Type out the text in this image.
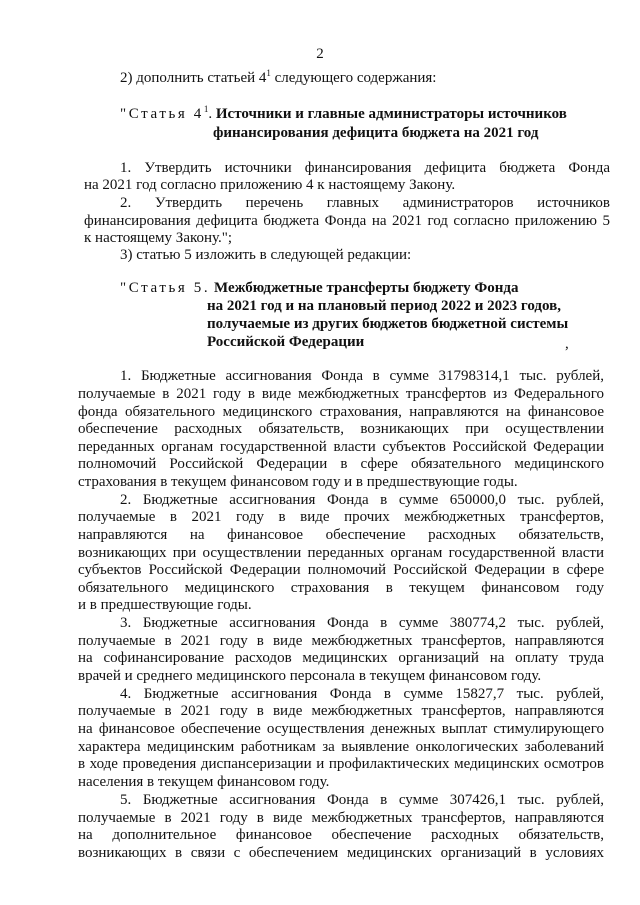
2
2) дополнить статьей $4^1$ следующего содержания:
"Статья $4^1$. Источники и главные администраторы источников
финансирования дефицита бюджета на 2021 год
1. Утвердить источники финансирования дефицита бюджета Фонда
на 2021 год согласно приложению 4 к настоящему Закону.
2. Утвердить перечень главных администраторов источников
финансирования дефицита бюджета Фонда на 2021 год согласно приложению 5
к настоящему Закону.";
3) статью 5 изложить в следующей редакции:
"Статья 5. Межбюджетные трансферты бюджету Фонда
на 2021 год и на плановый период 2022 и 2023 годов,
получаемые из других бюджетов бюджетной системы
Российской Федерации	,
1. Бюджетные ассигнования Фонда в сумме 31798314,1 тыс. рублей,
получаемые в 2021 году в виде межбюджетных трансфертов из Федерального
фонда обязательного медицинского страхования, направляются на финансовое
обеспечение расходных обязательств, возникающих при осуществлении
переданных органам государственной власти субъектов Российской Федерации
полномочий Российской Федерации в сфере обязательного медицинского
страхования в текущем финансовом году и в предшествующие годы.
2. Бюджетные ассигнования Фонда в сумме 650000,0 тыс. рублей,
получаемые в 2021 году в виде прочих межбюджетных трансфертов,
направляются на финансовое обеспечение расходных обязательств,
возникающих при осуществлении переданных органам государственной власти
субъектов Российской Федерации полномочий Российской Федерации в сфере
обязательного медицинского страхования в текущем финансовом году
и в предшествующие годы.
3. Бюджетные ассигнования Фонда в сумме 380774,2 тыс. рублей,
получаемые в 2021 году в виде межбюджетных трансфертов, направляются
на софинансирование расходов медицинских организаций на оплату труда
врачей и среднего медицинского персонала в текущем финансовом году.
4. Бюджетные ассигнования Фонда в сумме 15827,7 тыс. рублей,
получаемые в 2021 году в виде межбюджетных трансфертов, направляются
на финансовое обеспечение осуществления денежных выплат стимулирующего
характера медицинским работникам за выявление онкологических заболеваний
в ходе проведения диспансеризации и профилактических медицинских осмотров
населения в текущем финансовом году.
5. Бюджетные ассигнования Фонда в сумме 307426,1 тыс. рублей,
получаемые в 2021 году в виде межбюджетных трансфертов, направляются
на дополнительное финансовое обеспечение расходных обязательств,
возникающих в связи с обеспечением медицинских организаций в условиях
